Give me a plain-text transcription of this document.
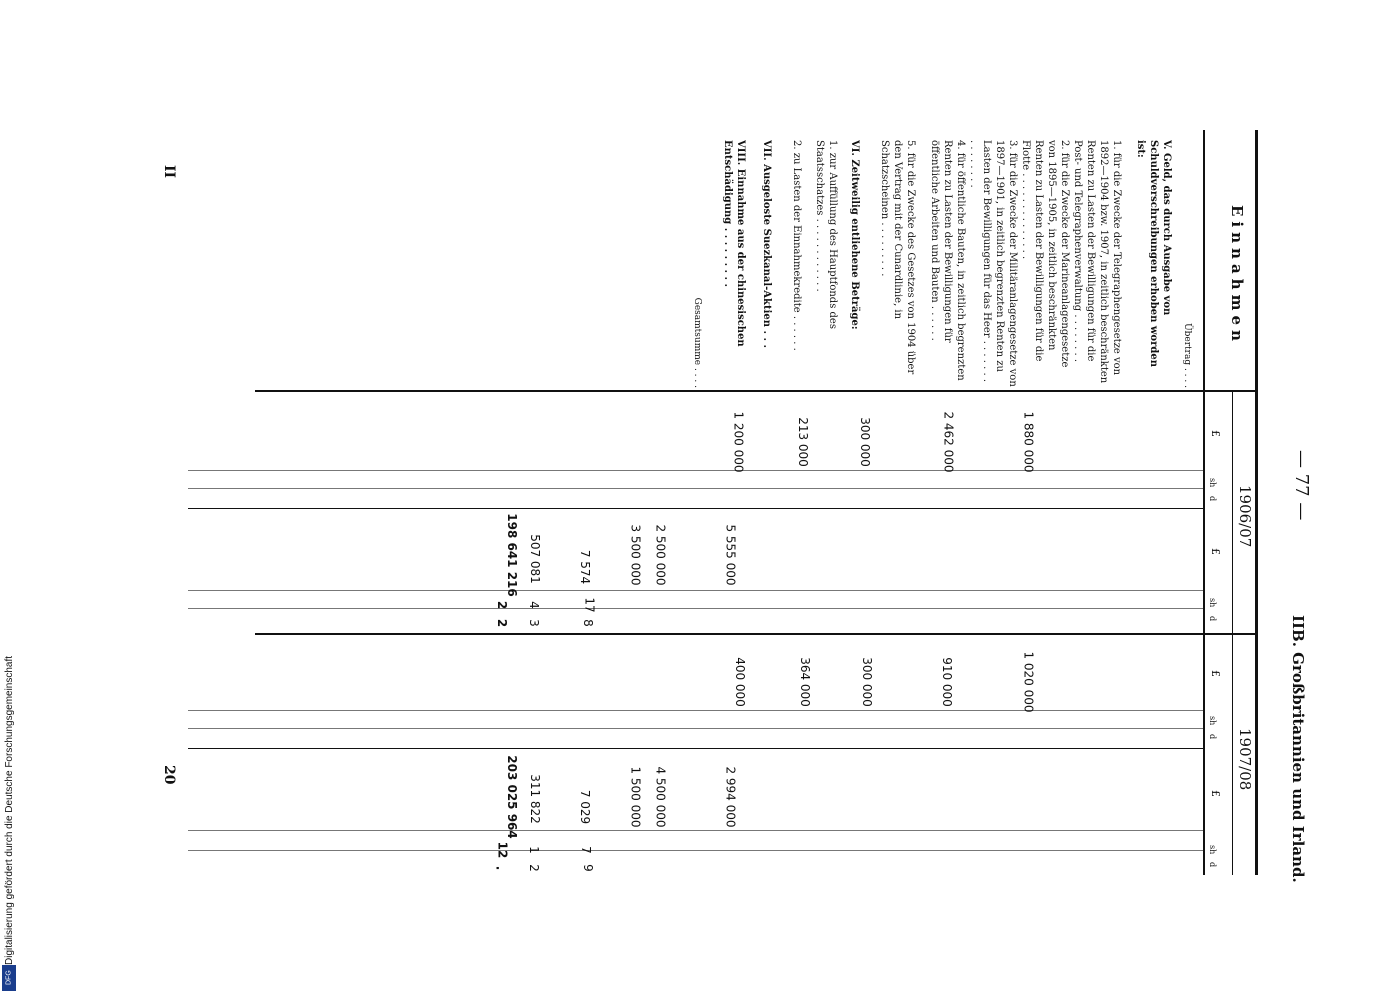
Digitalisierung gefördert durch die Deutsche Forschungsgemeinschaft
DFG
— 77 —
IIB. Großbritannien und Irland.
II
20
Einnahmen
1906/07
1907/08
£
sh
d
£
sh
d
£
sh
d
£
sh
d
Übertrag . . . .
V. Geld, das durch Ausgabe von Schuldverschreibungen erhoben worden ist:
1. für die Zwecke der Telegraphengesetze von 1892—1904 bzw. 1907, in zeitlich beschränkten Renten zu Lasten der Bewilligungen für die Post- und Telegraphenverwaltung . . . . . . . .
2. für die Zwecke der Marineanlagengesetze von 1895—1905, in zeitlich beschränkten Renten zu Lasten der Bewilligungen für die Flotte . . . . . . . . . . . . . .
3. für die Zwecke der Militäranlagengesetze von 1897—1901, in zeitlich begrenzten Renten zu Lasten der Bewilligungen für das Heer . . . . . . . . . . . . . . .
4. für öffentliche Bauten, in zeitlich begrenzten Renten zu Lasten der Bewilligungen für öffentliche Arbeiten und Bauten . . . . . .
5. für die Zwecke des Gesetzes von 1904 über den Vertrag mit der Cunardlinie, in Schatzscheinen . . . . . . . . .
VI. Zeitweilig entliehene Beträge:
1. zur Auffüllung des Hauptfonds des Staatsschatzes . . . . . . . . . . . .
2. zu Lasten der Einnahmekredite . . . . . .
VII. Ausgeloste Suezkanal-Aktien . . .
VIII. Einnahme aus der chinesischen Entschädigung . . . . . . . . .
Gesamtsumme . . . .
1 880 000
2 462 000
300 000
213 000
1 200 000
5 555 000
2 500 000
3 500 000
7 574
17
8
507 081
4
3
198 641 216
2
2
1 020 000
910 000
300 000
364 000
400 000
2 994 000
4 500 000
1 500 000
7 029
7
9
311 822
1
2
203 025 964
12
.
